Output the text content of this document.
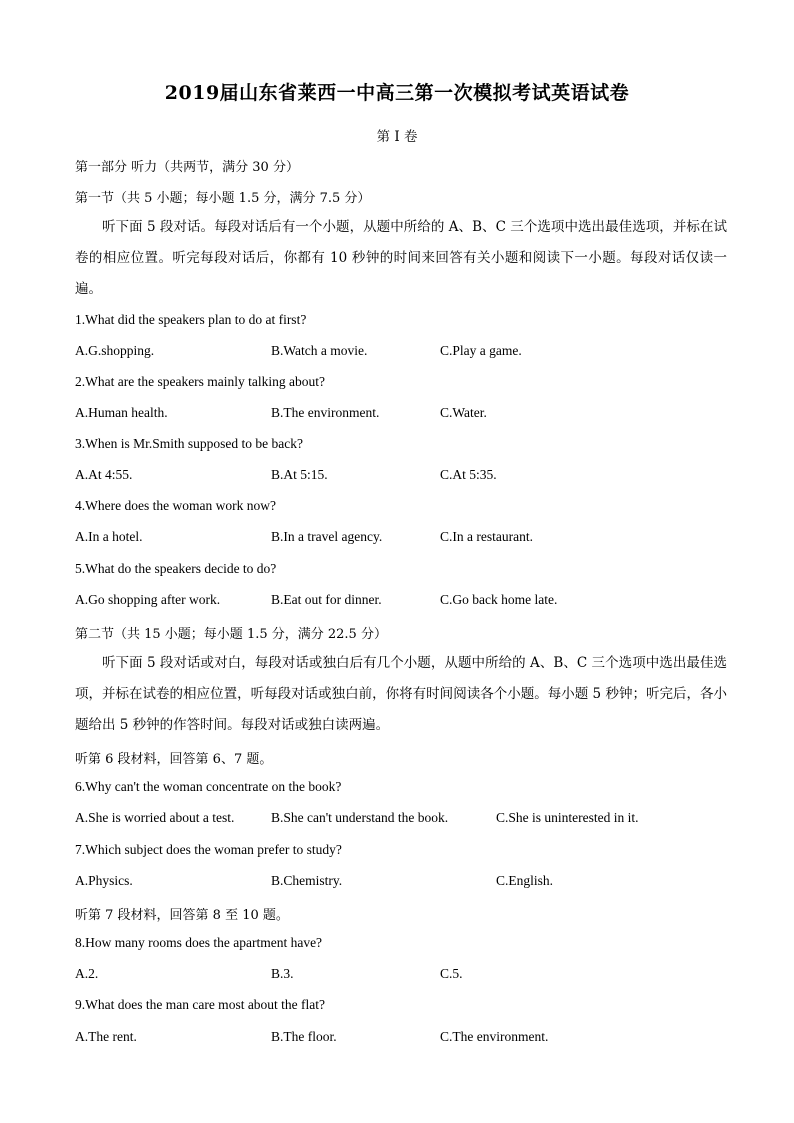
2019届山东省莱西一中高三第一次模拟考试英语试卷
第 I 卷
第一部分 听力（共两节，满分 30 分）
第一节（共 5 小题；每小题 1.5 分，满分 7.5 分）
听下面 5 段对话。每段对话后有一个小题，从题中所给的 A、B、C 三个选项中选出最佳选项，并标在试卷的相应位置。听完每段对话后，你都有 10 秒钟的时间来回答有关小题和阅读下一小题。每段对话仅读一遍。
1.What did the speakers plan to do at first?
A.G.shopping.	B.Watch a movie.	C.Play a game.
2.What are the speakers mainly talking about?
A.Human health.	B.The environment.	C.Water.
3.When is Mr.Smith supposed to be back?
A.At 4:55.	B.At 5:15.	C.At 5:35.
4.Where does the woman work now?
A.In a hotel.	B.In a travel agency.	C.In a restaurant.
5.What do the speakers decide to do?
A.Go shopping after work.	B.Eat out for dinner.	C.Go back home late.
第二节（共 15 小题；每小题 1.5 分，满分 22.5 分）
听下面 5 段对话或对白，每段对话或独白后有几个小题，从题中所给的 A、B、C 三个选项中选出最佳选项，并标在试卷的相应位置，听每段对话或独白前，你将有时间阅读各个小题。每小题 5 秒钟；听完后，各小题给出 5 秒钟的作答时间。每段对话或独白读两遍。
听第 6 段材料，回答第 6、7 题。
6.Why can't the woman concentrate on the book?
A.She is worried about a test.	B.She can't understand the book.	C.She is uninterested in it.
7.Which subject does the woman prefer to study?
A.Physics.	B.Chemistry.	C.English.
听第 7 段材料，回答第 8 至 10 题。
8.How many rooms does the apartment have?
A.2.	B.3.	C.5.
9.What does the man care most about the flat?
A.The rent.	B.The floor.	C.The environment.
